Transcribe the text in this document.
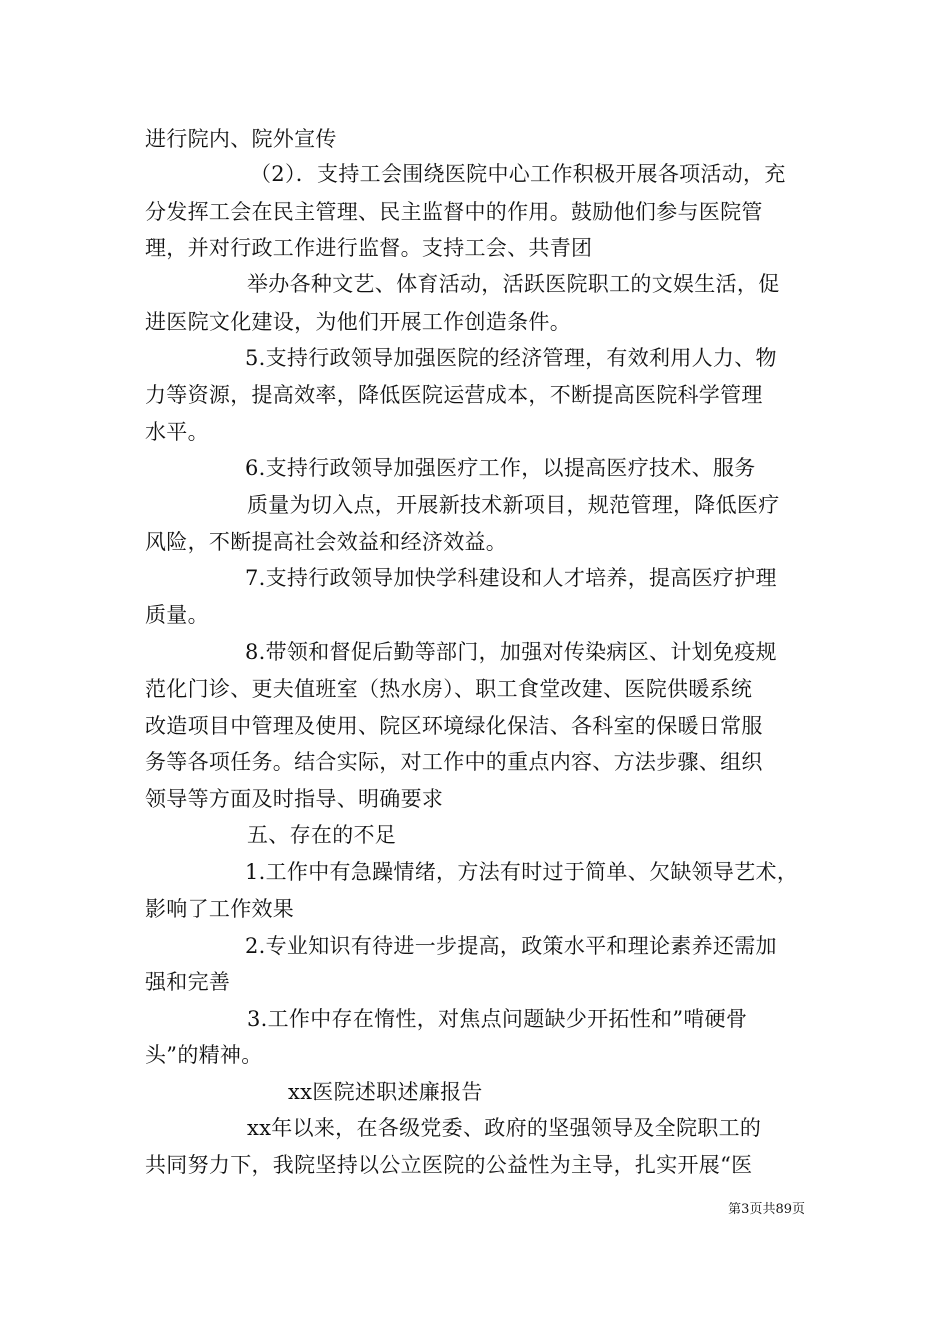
进行院内、院外宣传
（2）．支持工会围绕医院中心工作积极开展各项活动，充
分发挥工会在民主管理、民主监督中的作用。鼓励他们参与医院管
理，并对行政工作进行监督。支持工会、共青团
举办各种文艺、体育活动，活跃医院职工的文娱生活，促
进医院文化建设，为他们开展工作创造条件。
5.支持行政领导加强医院的经济管理，有效利用人力、物
力等资源，提高效率，降低医院运营成本，不断提高医院科学管理
水平。
6.支持行政领导加强医疗工作，以提高医疗技术、服务
质量为切入点，开展新技术新项目，规范管理，降低医疗
风险，不断提高社会效益和经济效益。
7.支持行政领导加快学科建设和人才培养，提高医疗护理
质量。
8.带领和督促后勤等部门，加强对传染病区、计划免疫规
范化门诊、更夫值班室（热水房）、职工食堂改建、医院供暖系统
改造项目中管理及使用、院区环境绿化保洁、各科室的保暖日常服
务等各项任务。结合实际，对工作中的重点内容、方法步骤、组织
领导等方面及时指导、明确要求
五、存在的不足
1.工作中有急躁情绪，方法有时过于简单、欠缺领导艺术，
影响了工作效果
2.专业知识有待进一步提高，政策水平和理论素养还需加
强和完善
3.工作中存在惰性，对焦点问题缺少开拓性和”啃硬骨
头”的精神。
xx医院述职述廉报告
xx年以来，在各级党委、政府的坚强领导及全院职工的
共同努力下，我院坚持以公立医院的公益性为主导，扎实开展“医
第3页共89页
